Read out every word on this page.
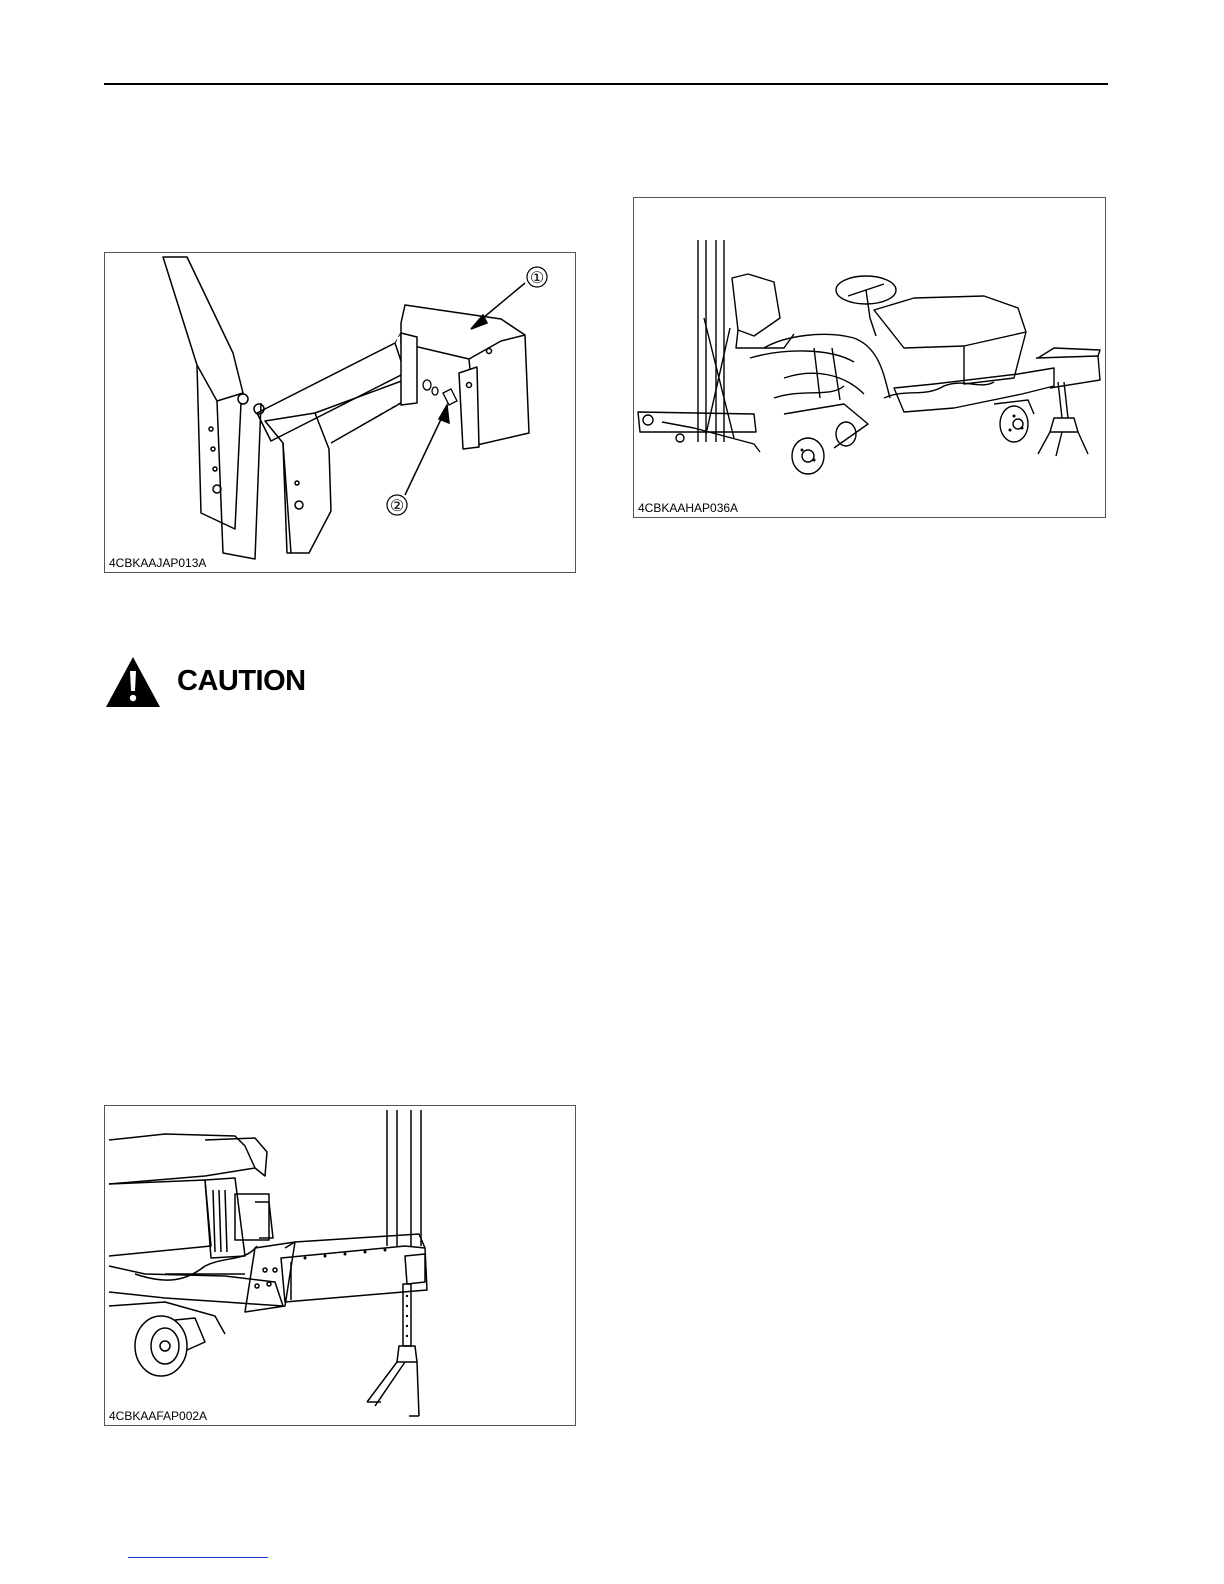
①
②
4CBKAAJAP013A
CAUTION
4CBKAAFAP002A
4CBKAAHAP036A
